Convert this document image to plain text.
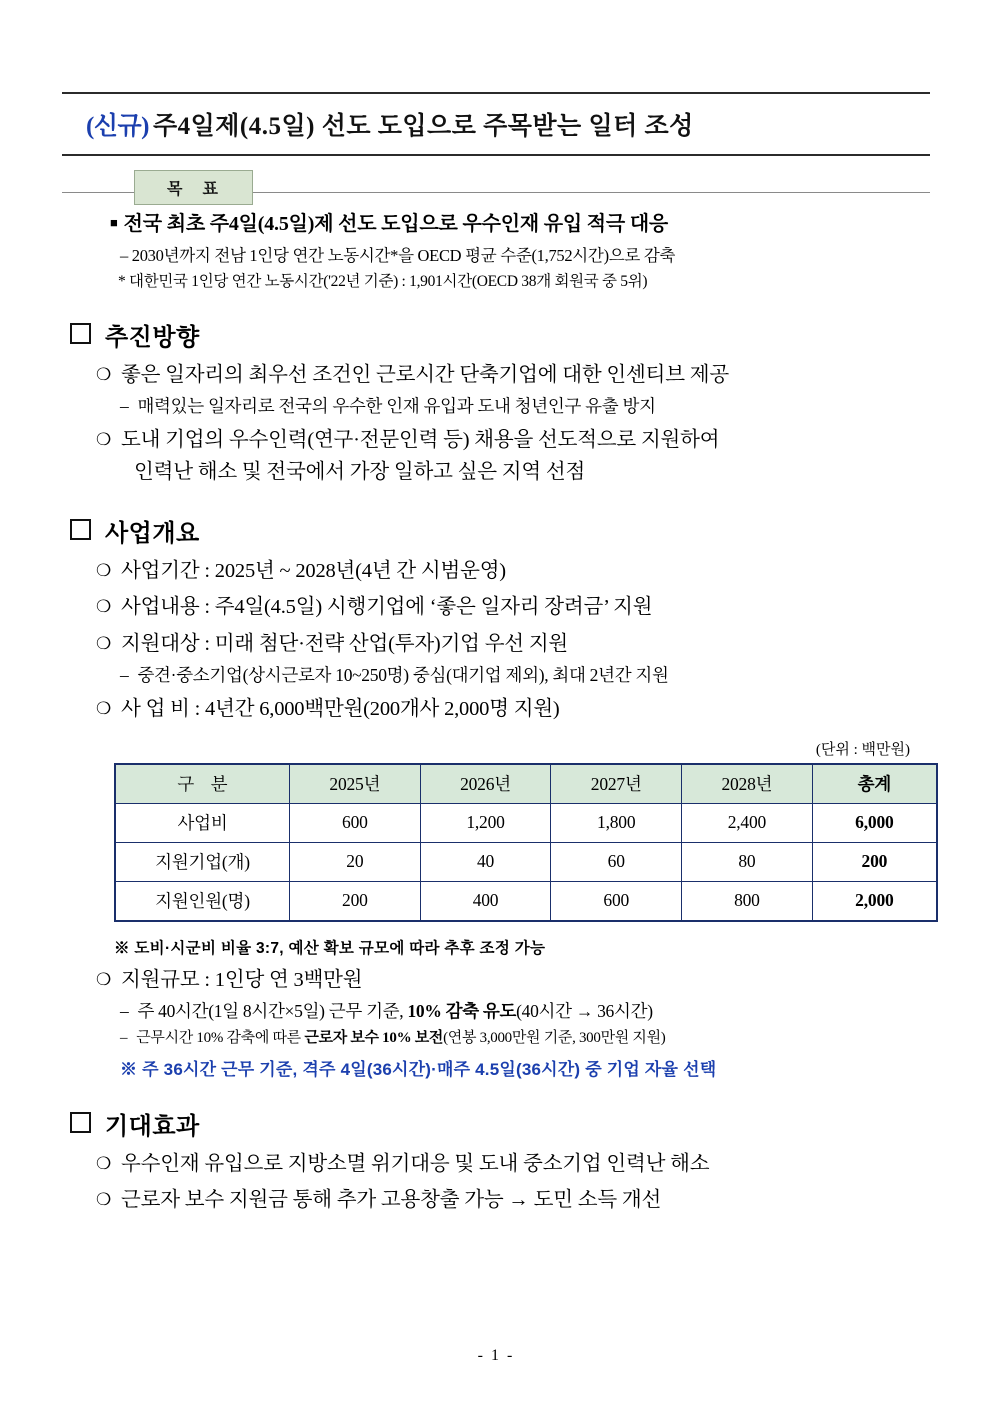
(신규) 주4일제(4.5일) 선도 도입으로 주목받는 일터 조성
목 표
■ 전국 최초 주4일(4.5일)제 선도 도입으로 우수인재 유입 적극 대응
– 2030년까지 전남 1인당 연간 노동시간*을 OECD 평균 수준(1,752시간)으로 감축
* 대한민국 1인당 연간 노동시간('22년 기준) : 1,901시간(OECD 38개 회원국 중 5위)
추진방향
❍ 좋은 일자리의 최우선 조건인 근로시간 단축기업에 대한 인센티브 제공
– 매력있는 일자리로 전국의 우수한 인재 유입과 도내 청년인구 유출 방지
❍ 도내 기업의 우수인력(연구·전문인력 등) 채용을 선도적으로 지원하여
인력난 해소 및 전국에서 가장 일하고 싶은 지역 선점
사업개요
❍ 사업기간 : 2025년 ~ 2028년(4년 간 시범운영)
❍ 사업내용 : 주4일(4.5일) 시행기업에 ‘좋은 일자리 장려금’ 지원
❍ 지원대상 : 미래 첨단·전략 산업(투자)기업 우선 지원
– 중견·중소기업(상시근로자 10~250명) 중심(대기업 제외), 최대 2년간 지원
❍ 사 업 비 : 4년간 6,000백만원(200개사 2,000명 지원)
(단위 : 백만원)
구 분	2025년	2026년	2027년	2028년	총계
사업비	600	1,200	1,800	2,400	6,000
지원기업(개)	20	40	60	80	200
지원인원(명)	200	400	600	800	2,000
※ 도비·시군비 비율 3:7, 예산 확보 규모에 따라 추후 조정 가능
❍ 지원규모 : 1인당 연 3백만원
– 주 40시간(1일 8시간×5일) 근무 기준, 10% 감축 유도(40시간 → 36시간)
– 근무시간 10% 감축에 따른 근로자 보수 10% 보전(연봉 3,000만원 기준, 300만원 지원)
※ 주 36시간 근무 기준, 격주 4일(36시간)·매주 4.5일(36시간) 중 기업 자율 선택
기대효과
❍ 우수인재 유입으로 지방소멸 위기대응 및 도내 중소기업 인력난 해소
❍ 근로자 보수 지원금 통해 추가 고용창출 가능 → 도민 소득 개선
- 1 -
